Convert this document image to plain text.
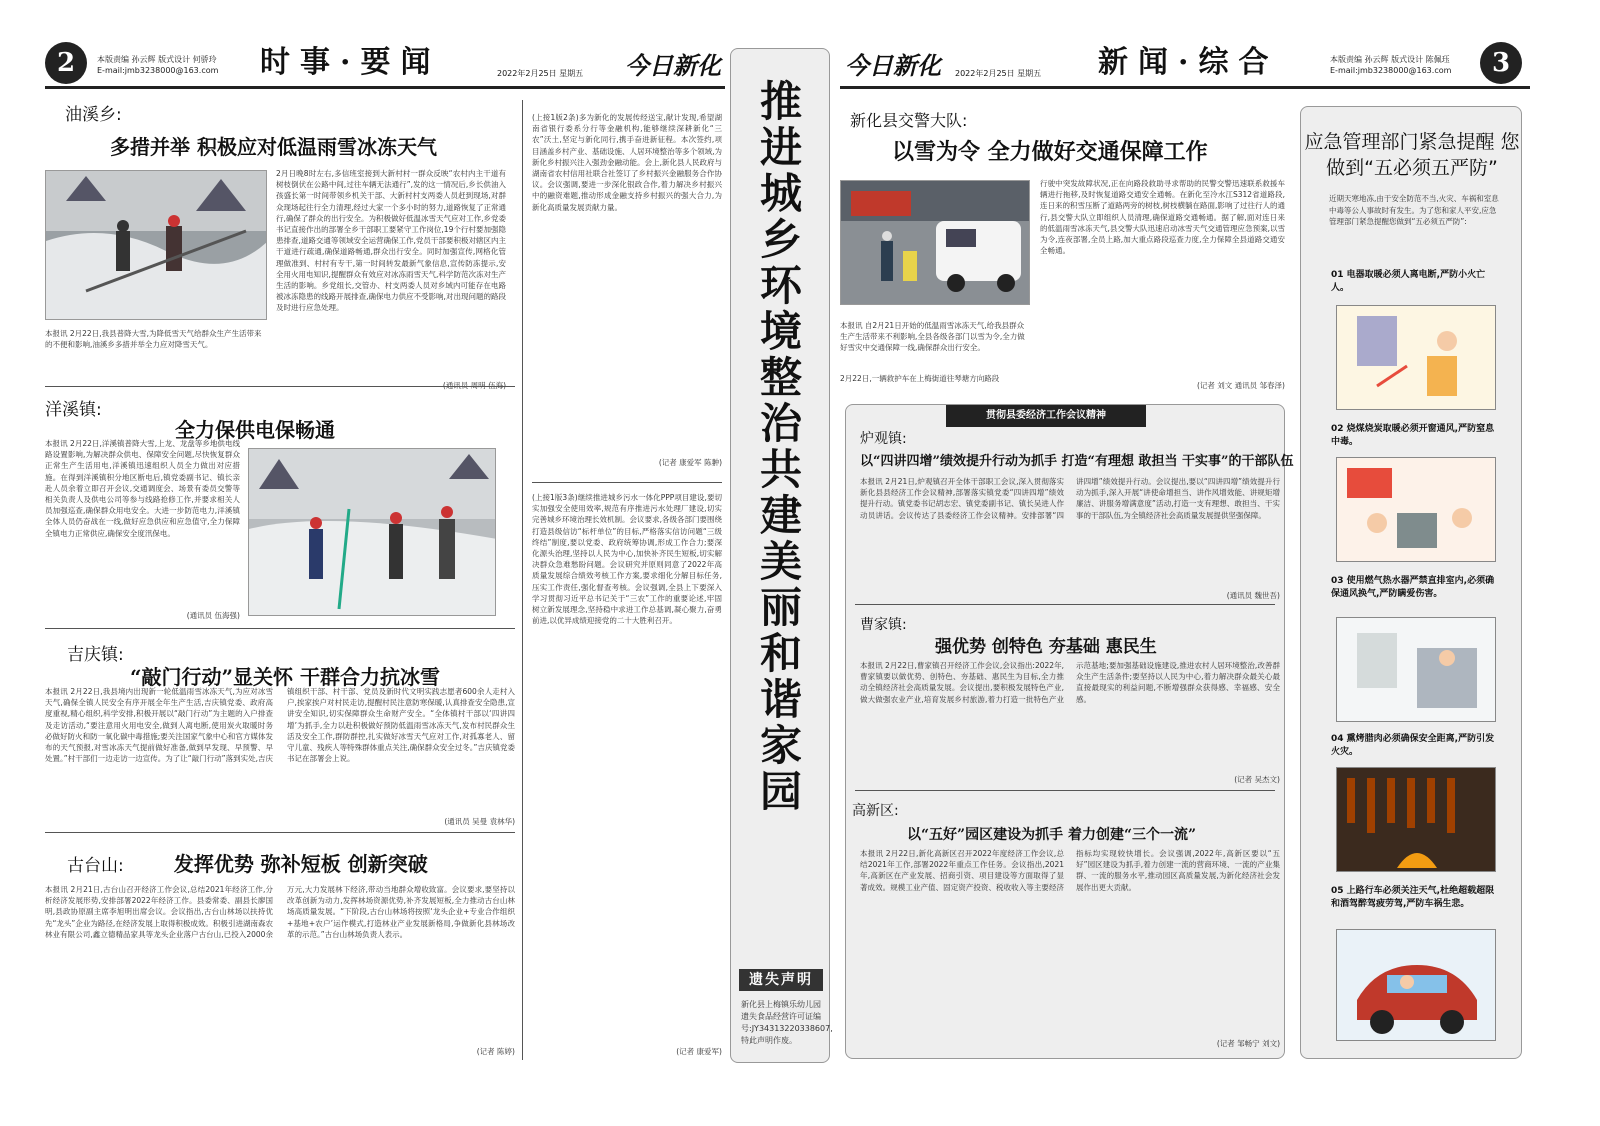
2	本版责编 孙云辉 版式设计 何骄玲
E-mail:jmb3238000@163.com	时事·要闻	2022年2月25日 星期五 今日新化	今日新化 2022年2月25日 星期五 新闻·综合	本版责编 孙云辉 版式设计 陈佩珏
E-mail:jmb3238000@163.com	3
油溪乡:
多措并举 积极应对低温雨雪冰冻天气
2月日晚8时左右,多信班室接到大新村村一群众反映“农村内主干道有树枝倒伏在公路中间,过往车辆无法通行”,发的这一情况后,乡长供油入孩盛长第一时间带领乡机关干部、大新村村支两委人员赶到现场,对群众现场起往行全力清理,经过大家一个多小时的努力,道路恢复了正常通行,确保了群众的出行安全。为积极做好低温冰雪天气应对工作,乡党委书记直接作出的部署全乡干部职工要紧守工作岗位,19个行村要加强隐患排查,道路交通等领域安全运营确保工作,党员干部要积极对辖区内主干道进行疏通,确保道路畅通,群众出行安全。同时加强宣传,网格化管理做准到、村村有专干,第一时间转发最新气象信息,宣传防冻提示,安全用火用电知识,提醒群众有效应对冰冻雨雪天气,科学防范次冻对生产生活的影响。乡党组长,交管办、村支两委人员对乡域内可能存在电路被冰冻隐患的线路开展排查,确保电力供应不受影响,对出现问题的路段及时进行应急处理。
本报讯 2月22日,我县普降大雪,为降低雪天气给群众生产生活带来的不便和影响,油溪乡多措并举全力应对降雪天气。
洋溪镇:
全力保供电保畅通
本报讯 2月22日,洋溪镇普降大雪,上龙、龙盘等乡地供电线路设置影响,为解决群众供电、保障安全问题,尽快恢复群众正常生产生活用电,洋溪镇迅速组织人员全力做出对应措施。在得到洋溪镇积分地区断电后,镇党委副书记、镇长亲赴人员余着立即召开会议,交通调度会、场景有委员交警等相关负责人及供电公司等参与线路抢修工作,并要求相关人员加强巡查,确保群众用电安全。大进一步防范电力,洋溪镇全体人员仍奋战在一线,做好应急供应和应急值守,全力保障全镇电力正常供应,确保安全度汛保电。
(通讯员 伍海强)
吉庆镇:
“敲门行动”显关怀 干群合力抗冰雪
本报讯 2月22日,我县境内出现新一轮低温雨雪冰冻天气,为应对冰雪天气,确保全镇人民安全有序开展全年生产生活,吉庆镇党委、政府高度重视,精心组织,科学安排,积极开展以“敲门行动”为主题的入户排查及走访活动,“要注意用火用电安全,做到人离电断,使用炭火取暖时务必做好防火和防一氧化碳中毒措施;要关注国家气象中心和官方媒体发布的天气预报,对雪冰冻天气提前做好准备,做到早发现、早预警、早处置。”村干部们一边走访一边宣传。为了让“敲门行动”落到实处,吉庆镇组织干部、村干部、党员及新时代文明实践志愿者600余人走村入户,挨家挨户对村民走访,提醒村民注意防寒保暖,认真排查安全隐患,宣讲安全知识,切实保障群众生命财产安全。“全体镇村干部以‘四讲四增’为抓手,全力以赴积极做好预防低温雨雪冰冻天气,发布村民群众生活及安全工作,群防群控,扎实做好冰雪天气应对工作,对孤寡老人、留守儿童、残疾人等特殊群体重点关注,确保群众安全过冬。”吉庆镇党委书记在部署会上说。
(通讯员 吴曼 袁林华)
古台山:	发挥优势 弥补短板 创新突破
本报讯 2月21日,古台山召开经济工作会议,总结2021年经济工作,分析经济发展形势,安排部署2022年经济工作。县委常委、副县长廖国明,县政协原副主席李旭明出席会议。会议指出,古台山林场以扶持优先“龙头”企业为路径,在经济发展上取得积极成效。积极引进湖南森农林业有限公司,鑫立德精品家具等龙头企业落户古台山,已投入2000余万元,大力发展林下经济,带动当地群众增收致富。会议要求,要坚持以改革创新为动力,发挥林场资源优势,补齐发展短板,全力推动古台山林场高质量发展。“下阶段,古台山林场将按照‘龙头企业+专业合作组织+基地+农户’运作模式,打造林业产业发展新格局,争做新化县林场改革的示范。”古台山林场负责人表示。
(记者 陈婷)
(上接1版2条)多为新化的发展传经送宝,献计发现,希望湖南省银行委系分行等金融机构,能够继续深耕新化“三农”沃土,坚定与新化同行,携手奋进新征程。本次签约,项目涵盖乡村产业、基础设施、人居环境整治等多个领域,为新化乡村振兴注入强劲金融动能。会上,新化县人民政府与湖南省农村信用社联合社签订了乡村振兴金融服务合作协议。会议强调,要进一步深化银政合作,着力解决乡村振兴中的融资难题,推动形成金融支持乡村振兴的强大合力,为新化高质量发展贡献力量。
(记者 康爱军 陈翀)
(上接1版3条)继续推进城乡污水一体化PPP项目建设,要切实加强安全使用效率,规范有序推进污水处理厂建设,切实完善城乡环境治理长效机制。会议要求,各级各部门要围绕打造县级信访“标杆单位”的目标,严格落实信访问题“三级终结”制度,要以党委、政府统筹协调,形成工作合力;要深化源头治理,坚持以人民为中心,加快补齐民生短板,切实解决群众急难愁盼问题。会议研究并原则同意了2022年高质量发展综合绩效考核工作方案,要求细化分解目标任务,压实工作责任,强化督查考核。会议强调,全县上下要深入学习贯彻习近平总书记关于“三农”工作的重要论述,牢固树立新发展理念,坚持稳中求进工作总基调,凝心聚力,奋勇前进,以优异成绩迎接党的二十大胜利召开。
(记者 康爱军)
推进城乡环境整治 共建美丽和谐家园
遗失声明
新化县上梅镇乐幼儿园遗失食品经营许可证编号:JY34313220338607,特此声明作废。
新化县交警大队:
以雪为令 全力做好交通保障工作
行驶中突发故障状况,正在向路段救助寻求帮助的民警交警迅速联系救援车辆进行拖移,及时恢复道路交通安全通畅。在新化至冷水江S312省道路段,连日来的积雪压断了道路两旁的树枝,树枝横躺在路面,影响了过往行人的通行,县交警大队立即组织人员清理,确保道路交通畅通。据了解,面对连日来的低温雨雪冰冻天气,县交警大队迅速启动冰雪天气交通管理应急预案,以雪为令,连夜部署,全员上路,加大重点路段巡查力度,全力保障全县道路交通安全畅通。
本报讯 自2月21日开始的低温雨雪冰冻天气,给我县群众生产生活带来不利影响,全县各级各部门以雪为令,全力做好雪灾中交通保障一线,确保群众出行安全。
2月22日,一辆救护车在上梅街道往琴塘方向路段
(记者 刘文 通讯员 邹春泽)
贯彻县委经济工作会议精神
炉观镇:
以“四讲四增”绩效提升行动为抓手 打造“有理想 敢担当 干实事”的干部队伍
本报讯 2月21日,炉观镇召开全体干部职工会议,深入贯彻落实新化县县经济工作会议精神,部署落实镇党委“四讲四增”绩效提升行动。镇党委书记胡志宏、镇党委副书记、镇长吴进人作动员讲话。会议传达了县委经济工作会议精神。安排部署“四讲四增”绩效提升行动。会议提出,要以“四讲四增”绩效提升行动为抓手,深入开展“讲使命增担当、讲作风增效能、讲规矩增廉洁、讲服务增满意度”活动,打造一支有理想、敢担当、干实事的干部队伍,为全镇经济社会高质量发展提供坚强保障。
(通讯员 魏世吾)
曹家镇:
强优势 创特色 夯基础 惠民生
本报讯 2月22日,曹家镇召开经济工作会议,会议指出:2022年,曹家镇要以做优势、创特色、夯基础、惠民生为目标,全力推动全镇经济社会高质量发展。会议提出,要积极发展特色产业,做大做强农业产业,培育发展乡村旅游,着力打造一批特色产业示范基地;要加强基础设施建设,推进农村人居环境整治,改善群众生产生活条件;要坚持以人民为中心,着力解决群众最关心最直接最现实的利益问题,不断增强群众获得感、幸福感、安全感。
(记者 吴杰文)
高新区:
以“五好”园区建设为抓手 着力创建“三个一流”
本报讯 2月22日,新化高新区召开2022年度经济工作会议,总结2021年工作,部署2022年重点工作任务。会议指出,2021年,高新区在产业发展、招商引资、项目建设等方面取得了显著成效。规模工业产值、固定资产投资、税收收入等主要经济指标均实现较快增长。会议强调,2022年,高新区要以“五好”园区建设为抓手,着力创建一流的营商环境、一流的产业集群、一流的服务水平,推动园区高质量发展,为新化经济社会发展作出更大贡献。
(记者 邹畅宁 刘文)
应急管理部门紧急提醒 您做到“五必须五严防”
近期天寒地冻,由于安全防范不当,火灾、车祸和室息中毒等公人事故时有发生。为了您和家人平安,应急管理部门紧急提醒您做到“五必须五严防”:
01 电器取暖必须人离电断,严防小火亡人。
02 烧煤烧炭取暖必须开窗通风,严防窒息中毒。
03 使用燃气热水器严禁直排室内,必须确保通风换气,严防瞒爱伤害。
04 熏烤腊肉必须确保安全距离,严防引发火灾。
05 上路行车必须关注天气,杜绝超载超限和酒驾醉驾疲劳驾,严防车祸生悲。
